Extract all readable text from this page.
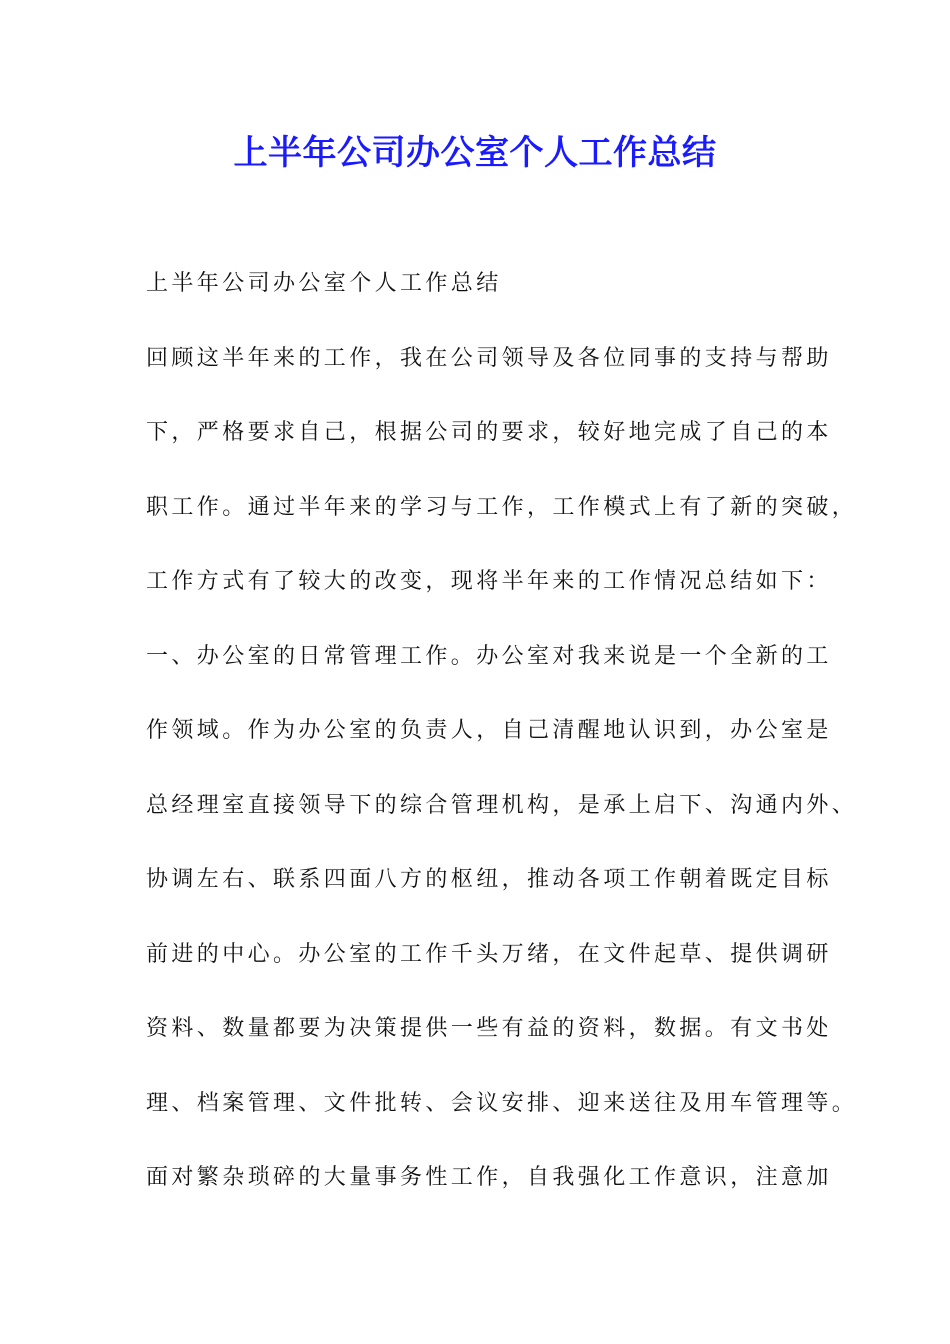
上半年公司办公室个人工作总结
上半年公司办公室个人工作总结
回顾这半年来的工作，我在公司领导及各位同事的支持与帮助
下，严格要求自己，根据公司的要求，较好地完成了自己的本
职工作。通过半年来的学习与工作，工作模式上有了新的突破，
工作方式有了较大的改变，现将半年来的工作情况总结如下：
一、办公室的日常管理工作。办公室对我来说是一个全新的工
作领域。作为办公室的负责人，自己清醒地认识到，办公室是
总经理室直接领导下的综合管理机构，是承上启下、沟通内外、
协调左右、联系四面八方的枢纽，推动各项工作朝着既定目标
前进的中心。办公室的工作千头万绪，在文件起草、提供调研
资料、数量都要为决策提供一些有益的资料，数据。有文书处
理、档案管理、文件批转、会议安排、迎来送往及用车管理等。
面对繁杂琐碎的大量事务性工作，自我强化工作意识，注意加
